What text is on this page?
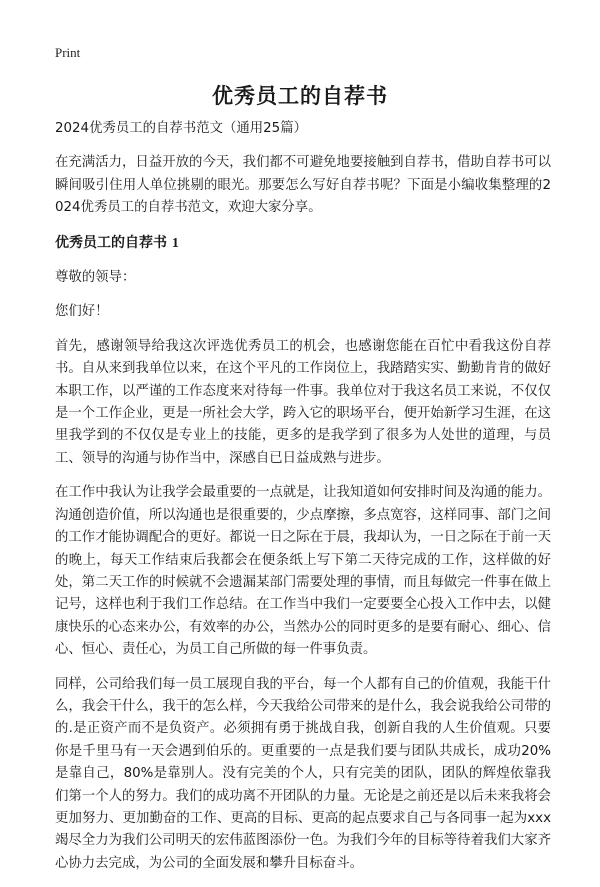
Print
优秀员工的自荐书

2024优秀员工的自荐书范文（通用25篇）

在充满活力，日益开放的今天，我们都不可避免地要接触到自荐书，借助自荐书可以瞬间吸引住用人单位挑剔的眼光。那要怎么写好自荐书呢？下面是小编收集整理的2024优秀员工的自荐书范文，欢迎大家分享。

优秀员工的自荐书 1

尊敬的领导：

您们好！

首先，感谢领导给我这次评选优秀员工的机会，也感谢您能在百忙中看我这份自荐书。自从来到我单位以来，在这个平凡的工作岗位上，我踏踏实实、勤勤肯肯的做好本职工作，以严谨的工作态度来对待每一件事。我单位对于我这名员工来说，不仅仅是一个工作企业，更是一所社会大学，跨入它的职场平台，便开始新学习生涯，在这里我学到的不仅仅是专业上的技能，更多的是我学到了很多为人处世的道理，与员工、领导的沟通与协作当中，深感自已日益成熟与进步。

在工作中我认为让我学会最重要的一点就是，让我知道如何安排时间及沟通的能力。沟通创造价值，所以沟通也是很重要的，少点摩擦，多点宽容，这样同事、部门之间的工作才能协调配合的更好。都说一日之际在于晨，我却认为，一日之际在于前一天的晚上，每天工作结束后我都会在便条纸上写下第二天待完成的工作，这样做的好处，第二天工作的时候就不会遗漏某部门需要处理的事情，而且每做完一件事在做上记号，这样也利于我们工作总结。在工作当中我们一定要要全心投入工作中去，以健康快乐的心态来办公，有效率的办公，当然办公的同时更多的是要有耐心、细心、信心、恒心、责任心，为员工自己所做的每一件事负责。

同样，公司给我们每一员工展现自我的平台，每一个人都有自己的价值观，我能干什么，我会干什么，我干的怎么样，今天我给公司带来的是什么，我会说我给公司带的的.是正资产而不是负资产。必须拥有勇于挑战自我，创新自我的人生价值观。只要你是千里马有一天会遇到伯乐的。更重要的一点是我们要与团队共成长，成功20%是靠自己，80%是靠别人。没有完美的个人，只有完美的团队，团队的辉煌依靠我们第一个人的努力。我们的成功离不开团队的力量。无论是之前还是以后未来我将会更加努力、更加勤奋的工作、更高的目标、更高的起点要求自己与各同事一起为xxx竭尽全力为我们公司明天的宏伟蓝图添份一色。为我们今年的目标等待着我们大家齐心协力去完成，为公司的全面发展和攀升目标奋斗。
